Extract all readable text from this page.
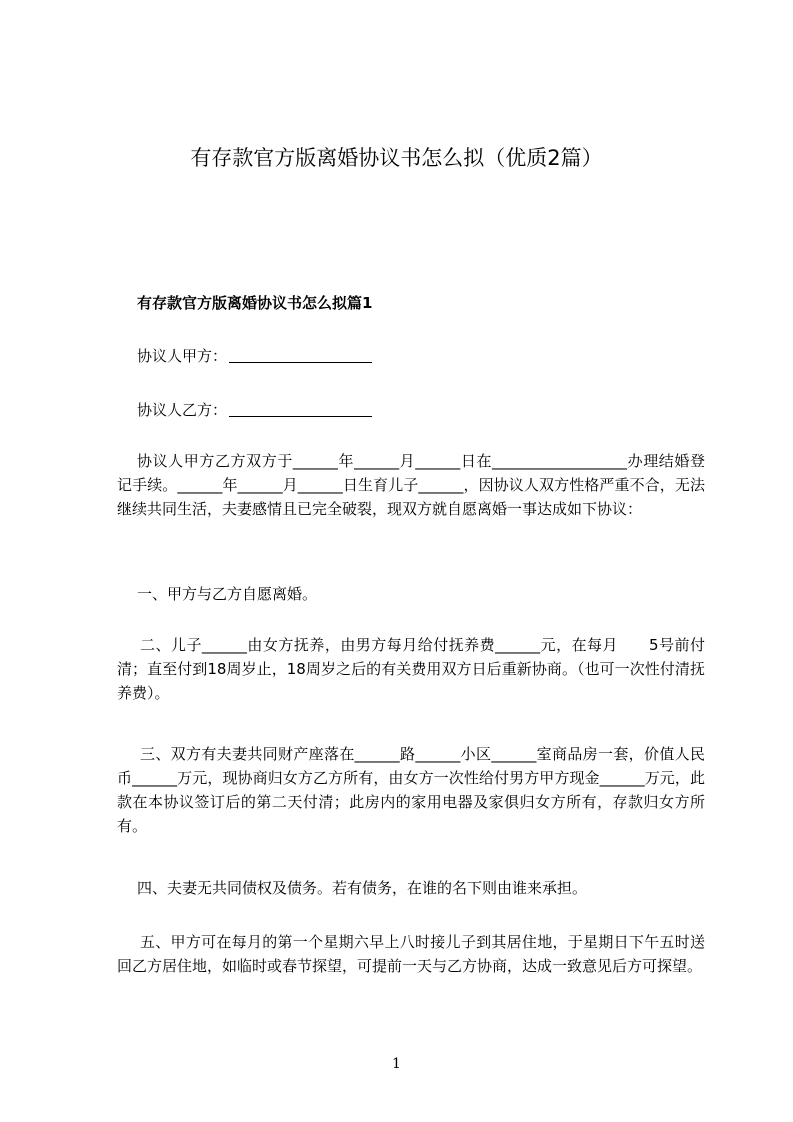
有存款官方版离婚协议书怎么拟（优质2篇）
有存款官方版离婚协议书怎么拟篇1
协议人甲方：
协议人乙方：

协议人甲方乙方双方于______年______月______日在__________________办理结婚登记手续。______年______月______日生育儿子______，因协议人双方性格严重不合，无法继续共同生活，夫妻感情且已完全破裂，现双方就自愿离婚一事达成如下协议：

一、甲方与乙方自愿离婚。

二、儿子______由女方抚养，由男方每月给付抚养费______元，在每月　　5号前付清；直至付到18周岁止，18周岁之后的有关费用双方日后重新协商。（也可一次性付清抚养费）。

三、双方有夫妻共同财产座落在______路______小区______室商品房一套，价值人民币______万元，现协商归女方乙方所有，由女方一次性给付男方甲方现金______万元，此款在本协议签订后的第二天付清；此房内的家用电器及家俱归女方所有，存款归女方所有。

四、夫妻无共同债权及债务。若有债务，在谁的名下则由谁来承担。

五、甲方可在每月的第一个星期六早上八时接儿子到其居住地，于星期日下午五时送回乙方居住地，如临时或春节探望，可提前一天与乙方协商，达成一致意见后方可探望。

1
